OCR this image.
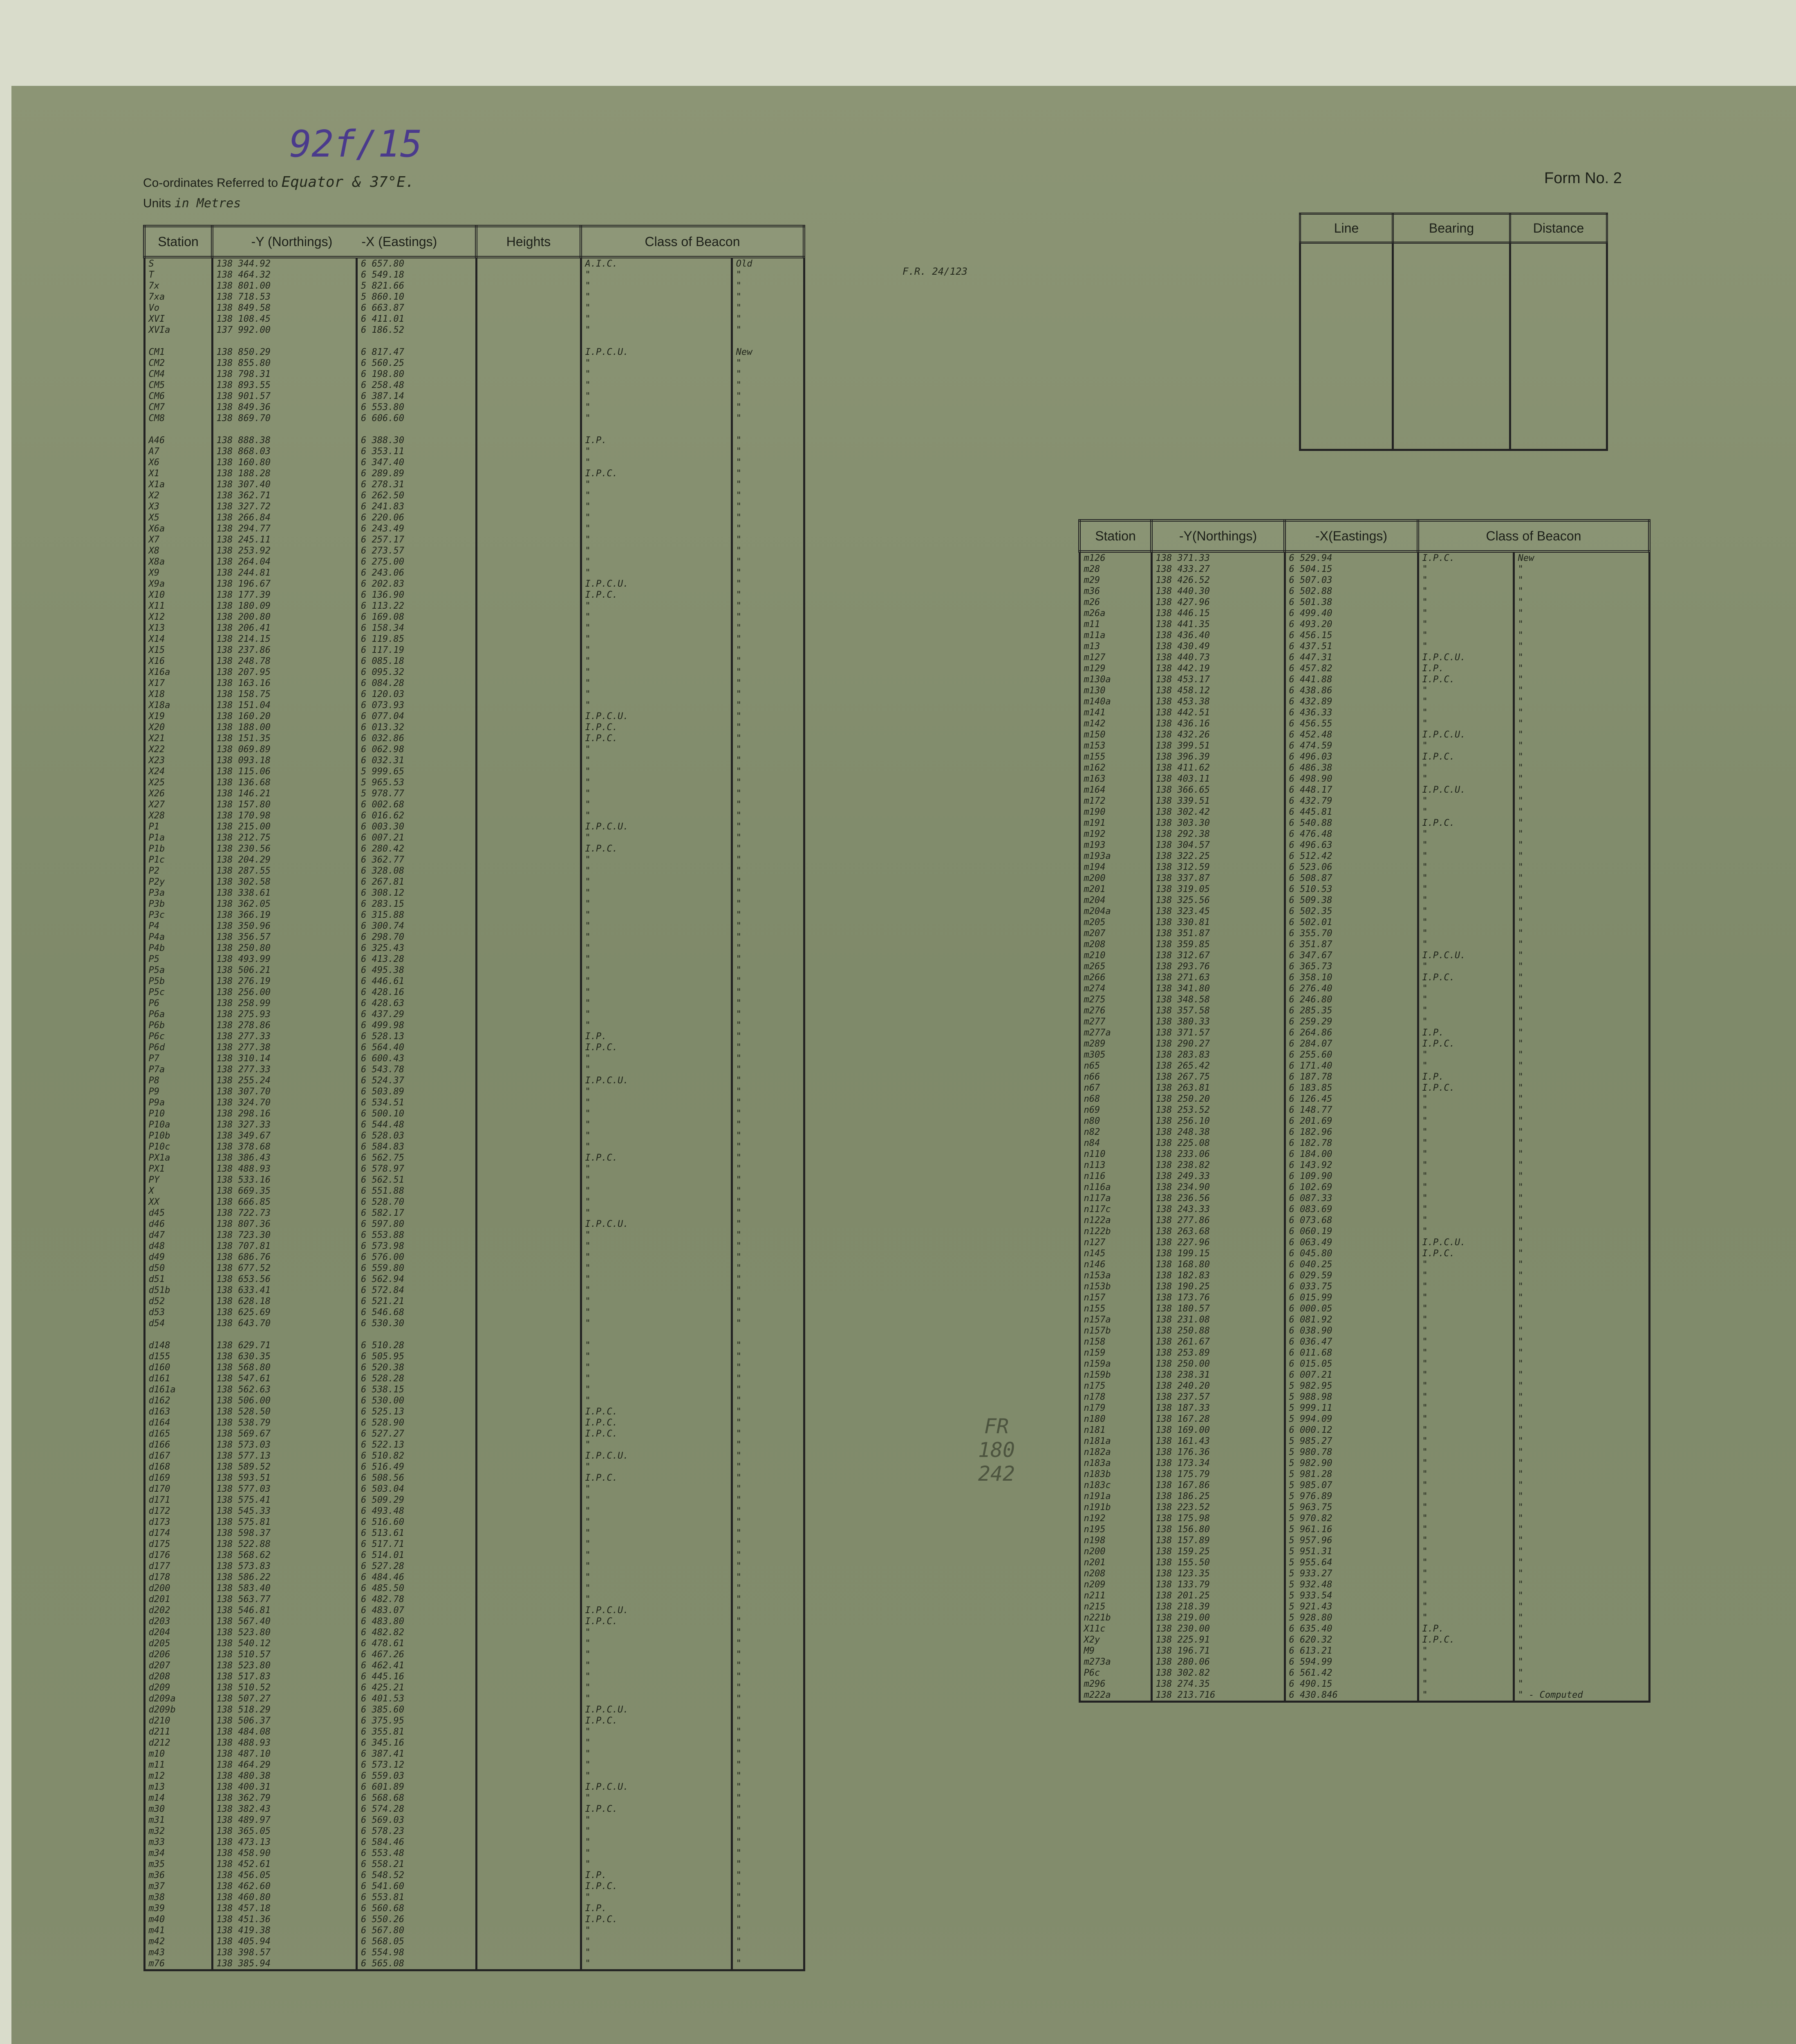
92f/15
Co-ordinates Referred to Equator & 37°E.
Units in Metres
Form No. 2
Station	-Y (Northings) -X (Eastings)		Heights	Class of Beacon	
S	138 344.92	6 657.80		A.I.C.	Old
T	138 464.32	6 549.18		"	"
7x	138 801.00	5 821.66		"	"
7xa	138 718.53	5 860.10		"	"
Vo	138 849.58	6 663.87		"	"
XVI	138 108.45	6 411.01		"	"
XVIa	137 992.00	6 186.52		"	"

CM1	138 850.29	6 817.47		I.P.C.U.	New
CM2	138 855.80	6 560.25		"	"
CM4	138 798.31	6 198.80		"	"
CM5	138 893.55	6 258.48		"	"
CM6	138 901.57	6 387.14		"	"
CM7	138 849.36	6 553.80		"	"
CM8	138 869.70	6 606.60		"	"

A46	138 888.38	6 388.30		I.P.	"
A7	138 868.03	6 353.11		"	"
X6	138 160.80	6 347.40		"	"
X1	138 188.28	6 289.89		I.P.C.	"
X1a	138 307.40	6 278.31		"	"
X2	138 362.71	6 262.50		"	"
X3	138 327.72	6 241.83		"	"
X5	138 266.84	6 220.06		"	"
X6a	138 294.77	6 243.49		"	"
X7	138 245.11	6 257.17		"	"
X8	138 253.92	6 273.57		"	"
X8a	138 264.04	6 275.00		"	"
X9	138 244.81	6 243.06		"	"
X9a	138 196.67	6 202.83		I.P.C.U.	"
X10	138 177.39	6 136.90		I.P.C.	"
X11	138 180.09	6 113.22		"	"
X12	138 200.80	6 169.08		"	"
X13	138 206.41	6 158.34		"	"
X14	138 214.15	6 119.85		"	"
X15	138 237.86	6 117.19		"	"
X16	138 248.78	6 085.18		"	"
X16a	138 207.95	6 095.32		"	"
X17	138 163.16	6 084.28		"	"
X18	138 158.75	6 120.03		"	"
X18a	138 151.04	6 073.93		"	"
X19	138 160.20	6 077.04		I.P.C.U.	"
X20	138 188.00	6 013.32		I.P.C.	"
X21	138 151.35	6 032.86		I.P.C.	"
X22	138 069.89	6 062.98		"	"
X23	138 093.18	6 032.31		"	"
X24	138 115.06	5 999.65		"	"
X25	138 136.68	5 965.53		"	"
X26	138 146.21	5 978.77		"	"
X27	138 157.80	6 002.68		"	"
X28	138 170.98	6 016.62		"	"
P1	138 215.00	6 003.30		I.P.C.U.	"
P1a	138 212.75	6 007.21		"	"
P1b	138 230.56	6 280.42		I.P.C.	"
P1c	138 204.29	6 362.77		"	"
P2	138 287.55	6 328.08		"	"
P2y	138 302.58	6 267.81		"	"
P3a	138 338.61	6 308.12		"	"
P3b	138 362.05	6 283.15		"	"
P3c	138 366.19	6 315.88		"	"
P4	138 350.96	6 300.74		"	"
P4a	138 356.57	6 298.70		"	"
P4b	138 250.80	6 325.43		"	"
P5	138 493.99	6 413.28		"	"
P5a	138 506.21	6 495.38		"	"
P5b	138 276.19	6 446.61		"	"
P5c	138 256.00	6 428.16		"	"
P6	138 258.99	6 428.63		"	"
P6a	138 275.93	6 437.29		"	"
P6b	138 278.86	6 499.98		"	"
P6c	138 277.33	6 528.13		I.P.	"
P6d	138 277.38	6 564.40		I.P.C.	"
P7	138 310.14	6 600.43		"	"
P7a	138 277.33	6 543.78		"	"
P8	138 255.24	6 524.37		I.P.C.U.	"
P9	138 307.70	6 503.89		"	"
P9a	138 324.70	6 534.51		"	"
P10	138 298.16	6 500.10		"	"
P10a	138 327.33	6 544.48		"	"
P10b	138 349.67	6 528.03		"	"
P10c	138 378.68	6 584.83		"	"
PX1a	138 386.43	6 562.75		I.P.C.	"
PX1	138 488.93	6 578.97		"	"
PY	138 533.16	6 562.51		"	"
X	138 669.35	6 551.88		"	"
XX	138 666.85	6 528.70		"	"
d45	138 722.73	6 582.17		"	"
d46	138 807.36	6 597.80		I.P.C.U.	"
d47	138 723.30	6 553.88		"	"
d48	138 707.81	6 573.98		"	"
d49	138 686.76	6 576.00		"	"
d50	138 677.52	6 559.80		"	"
d51	138 653.56	6 562.94		"	"
d51b	138 633.41	6 572.84		"	"
d52	138 628.18	6 521.21		"	"
d53	138 625.69	6 546.68		"	"
d54	138 643.70	6 530.30		"	"

d148	138 629.71	6 510.28		"	"
d155	138 630.35	6 505.95		"	"
d160	138 568.80	6 520.38		"	"
d161	138 547.61	6 528.28		"	"
d161a	138 562.63	6 538.15		"	"
d162	138 506.00	6 530.00		"	"
d163	138 528.50	6 525.13		I.P.C.	"
d164	138 538.79	6 528.90		I.P.C.	"
d165	138 569.67	6 527.27		I.P.C.	"
d166	138 573.03	6 522.13		"	"
d167	138 577.13	6 510.82		I.P.C.U.	"
d168	138 589.52	6 516.49		"	"
d169	138 593.51	6 508.56		I.P.C.	"
d170	138 577.03	6 503.04		"	"
d171	138 575.41	6 509.29		"	"
d172	138 545.33	6 493.48		"	"
d173	138 575.81	6 516.60		"	"
d174	138 598.37	6 513.61		"	"
d175	138 522.88	6 517.71		"	"
d176	138 568.62	6 514.01		"	"
d177	138 573.83	6 527.28		"	"
d178	138 586.22	6 484.46		"	"
d200	138 583.40	6 485.50		"	"
d201	138 563.77	6 482.78		"	"
d202	138 546.81	6 483.07		I.P.C.U.	"
d203	138 567.40	6 483.80		I.P.C.	"
d204	138 523.80	6 482.82		"	"
d205	138 540.12	6 478.61		"	"
d206	138 510.57	6 467.26		"	"
d207	138 523.80	6 462.41		"	"
d208	138 517.83	6 445.16		"	"
d209	138 510.52	6 425.21		"	"
d209a	138 507.27	6 401.53		"	"
d209b	138 518.29	6 385.60		I.P.C.U.	"
d210	138 506.37	6 375.95		I.P.C.	"
d211	138 484.08	6 355.81		"	"
d212	138 488.93	6 345.16		"	"
m10	138 487.10	6 387.41		"	"
m11	138 464.29	6 573.12		"	"
m12	138 480.38	6 559.03		"	"
m13	138 400.31	6 601.89		I.P.C.U.	"
m14	138 362.79	6 568.68		"	"
m30	138 382.43	6 574.28		I.P.C.	"
m31	138 489.97	6 569.03		"	"
m32	138 365.05	6 578.23		"	"
m33	138 473.13	6 584.46		"	"
m34	138 458.90	6 553.48		"	"
m35	138 452.61	6 558.21		"	"
m36	138 456.05	6 548.52		I.P.	"
m37	138 462.60	6 541.60		I.P.C.	"
m38	138 460.80	6 553.81		"	"
m39	138 457.18	6 560.68		I.P.	"
m40	138 451.36	6 550.26		I.P.C.	"
m41	138 419.38	6 567.80		"	"
m42	138 405.94	6 568.05		"	"
m43	138 398.57	6 554.98		"	"
m76	138 385.94	6 565.08		"	"
F.R. 24/123
Line	Bearing	Distance

Station	-Y(Northings)	-X(Eastings)	Class of Beacon	
m126	138 371.33	6 529.94	I.P.C.	New
m28	138 433.27	6 504.15	"	"
m29	138 426.52	6 507.03	"	"
m36	138 440.30	6 502.88	"	"
m26	138 427.96	6 501.38	"	"
m26a	138 446.15	6 499.40	"	"
m11	138 441.35	6 493.20	"	"
m11a	138 436.40	6 456.15	"	"
m13	138 430.49	6 437.51	"	"
m127	138 440.73	6 447.31	I.P.C.U.	"
m129	138 442.19	6 457.82	I.P.	"
m130a	138 453.17	6 441.88	I.P.C.	"
m130	138 458.12	6 438.86	"	"
m140a	138 453.38	6 432.89	"	"
m141	138 442.51	6 436.33	"	"
m142	138 436.16	6 456.55	"	"
m150	138 432.26	6 452.48	I.P.C.U.	"
m153	138 399.51	6 474.59	"	"
m155	138 396.39	6 496.03	I.P.C.	"
m162	138 411.62	6 486.38	"	"
m163	138 403.11	6 498.90	"	"
m164	138 366.65	6 448.17	I.P.C.U.	"
m172	138 339.51	6 432.79	"	"
m190	138 302.42	6 445.81	"	"
m191	138 303.30	6 540.88	I.P.C.	"
m192	138 292.38	6 476.48	"	"
m193	138 304.57	6 496.63	"	"
m193a	138 322.25	6 512.42	"	"
m194	138 312.59	6 523.06	"	"
m200	138 337.87	6 508.87	"	"
m201	138 319.05	6 510.53	"	"
m204	138 325.56	6 509.38	"	"
m204a	138 323.45	6 502.35	"	"
m205	138 330.81	6 502.01	"	"
m207	138 351.87	6 355.70	"	"
m208	138 359.85	6 351.87	"	"
m210	138 312.67	6 347.67	I.P.C.U.	"
m265	138 293.76	6 365.73	"	"
m266	138 271.63	6 358.10	I.P.C.	"
m274	138 341.80	6 276.40	"	"
m275	138 348.58	6 246.80	"	"
m276	138 357.58	6 285.35	"	"
m277	138 380.33	6 259.29	"	"
m277a	138 371.57	6 264.86	I.P.	"
m289	138 290.27	6 284.07	I.P.C.	"
m305	138 283.83	6 255.60	"	"
n65	138 265.42	6 171.40	"	"
n66	138 267.75	6 187.78	I.P.	"
n67	138 263.81	6 183.85	I.P.C.	"
n68	138 250.20	6 126.45	"	"
n69	138 253.52	6 148.77	"	"
n80	138 256.10	6 201.69	"	"
n82	138 248.38	6 182.96	"	"
n84	138 225.08	6 182.78	"	"
n110	138 233.06	6 184.00	"	"
n113	138 238.82	6 143.92	"	"
n116	138 249.33	6 109.90	"	"
n116a	138 234.90	6 102.69	"	"
n117a	138 236.56	6 087.33	"	"
n117c	138 243.33	6 083.69	"	"
n122a	138 277.86	6 073.68	"	"
n122b	138 263.68	6 060.19	"	"
n127	138 227.96	6 063.49	I.P.C.U.	"
n145	138 199.15	6 045.80	I.P.C.	"
n146	138 168.80	6 040.25	"	"
n153a	138 182.83	6 029.59	"	"
n153b	138 190.25	6 033.75	"	"
n157	138 173.76	6 015.99	"	"
n155	138 180.57	6 000.05	"	"
n157a	138 231.08	6 081.92	"	"
n157b	138 250.88	6 038.90	"	"
n158	138 261.67	6 036.47	"	"
n159	138 253.89	6 011.68	"	"
n159a	138 250.00	6 015.05	"	"
n159b	138 238.31	6 007.21	"	"
n175	138 240.20	5 982.95	"	"
n178	138 237.57	5 988.98	"	"
n179	138 187.33	5 999.11	"	"
n180	138 167.28	5 994.09	"	"
n181	138 169.00	6 000.12	"	"
n181a	138 161.43	5 985.27	"	"
n182a	138 176.36	5 980.78	"	"
n183a	138 173.34	5 982.90	"	"
n183b	138 175.79	5 981.28	"	"
n183c	138 167.86	5 985.07	"	"
n191a	138 186.25	5 976.89	"	"
n191b	138 223.52	5 963.75	"	"
n192	138 175.98	5 970.82	"	"
n195	138 156.80	5 961.16	"	"
n198	138 157.89	5 957.96	"	"
n200	138 159.25	5 951.31	"	"
n201	138 155.50	5 955.64	"	"
n208	138 123.35	5 933.27	"	"
n209	138 133.79	5 932.48	"	"
n211	138 201.25	5 933.54	"	"
n215	138 218.39	5 921.43	"	"
n221b	138 219.00	5 928.80	"	"
X11c	138 230.00	6 635.40	I.P.	"
X2y	138 225.91	6 620.32	I.P.C.	"
M9	138 196.71	6 613.21	"	"
m273a	138 280.06	6 594.99	"	"
P6c	138 302.82	6 561.42	"	"
m296	138 274.35	6 490.15	"	"
m222a	138 213.716	6 430.846	"	" - Computed
FR 180 242
